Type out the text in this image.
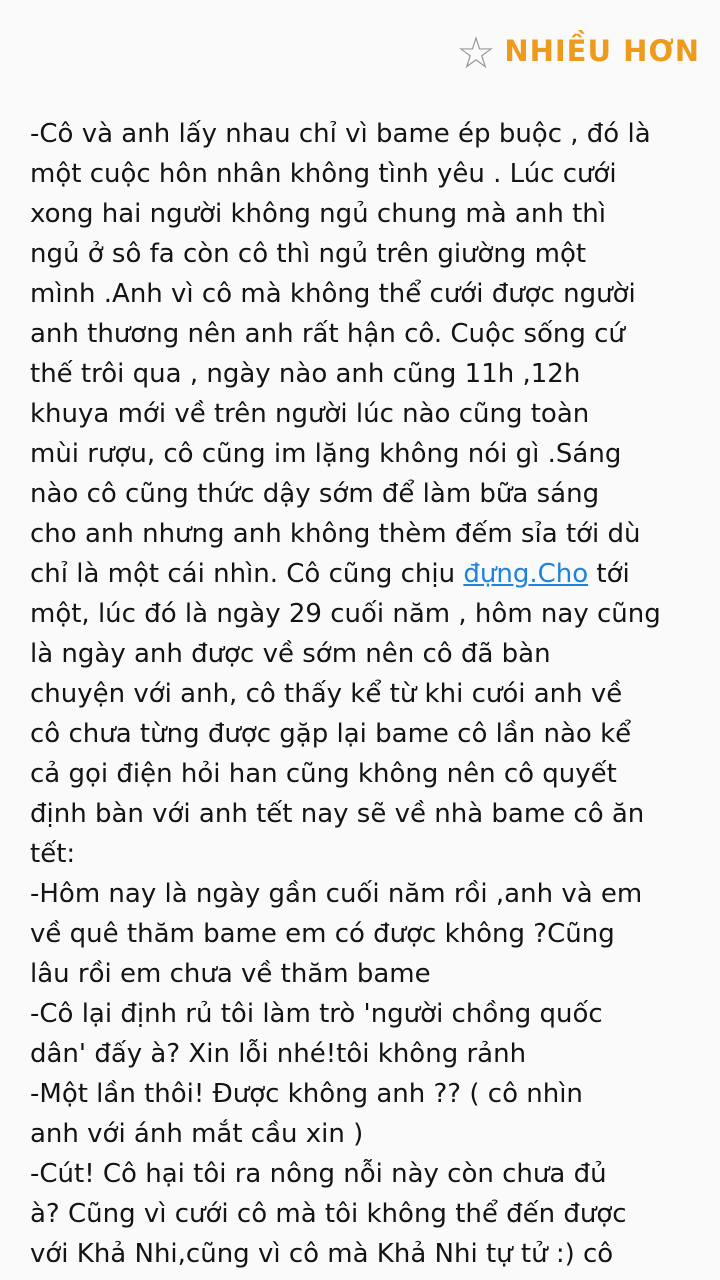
☆ NHIỀU HƠN
-Cô và anh lấy nhau chỉ vì bame ép buộc , đó là
một cuộc hôn nhân không tình yêu . Lúc cưới
xong hai người không ngủ chung mà anh thì
ngủ ở sô fa còn cô thì ngủ trên giường một
mình .Anh vì cô mà không thể cưới được người
anh thương nên anh rất hận cô. Cuộc sống cứ
thế trôi qua , ngày nào anh cũng 11h ,12h
khuya mới về trên người lúc nào cũng toàn
mùi rượu, cô cũng im lặng không nói gì .Sáng
nào cô cũng thức dậy sớm để làm bữa sáng
cho anh nhưng anh không thèm đếm sỉa tới dù
chỉ là một cái nhìn. Cô cũng chịu đựng.Cho tới
một, lúc đó là ngày 29 cuối năm , hôm nay cũng
là ngày anh được về sớm nên cô đã bàn
chuyện với anh, cô thấy kể từ khi cưói anh về
cô chưa từng được gặp lại bame cô lần nào kể
cả gọi điện hỏi han cũng không nên cô quyết
định bàn với anh tết nay sẽ về nhà bame cô ăn
tết:
-Hôm nay là ngày gần cuối năm rồi ,anh và em
về quê thăm bame em có được không ?Cũng
lâu rồi em chưa về thăm bame
-Cô lại định rủ tôi làm trò 'người chồng quốc
dân' đấy à? Xin lỗi nhé!tôi không rảnh
-Một lần thôi! Được không anh ?? ( cô nhìn
anh với ánh mắt cầu xin )
-Cút! Cô hại tôi ra nông nỗi này còn chưa đủ
à? Cũng vì cưới cô mà tôi không thể đến được
với Khả Nhi,cũng vì cô mà Khả Nhi tự tử :) cô
